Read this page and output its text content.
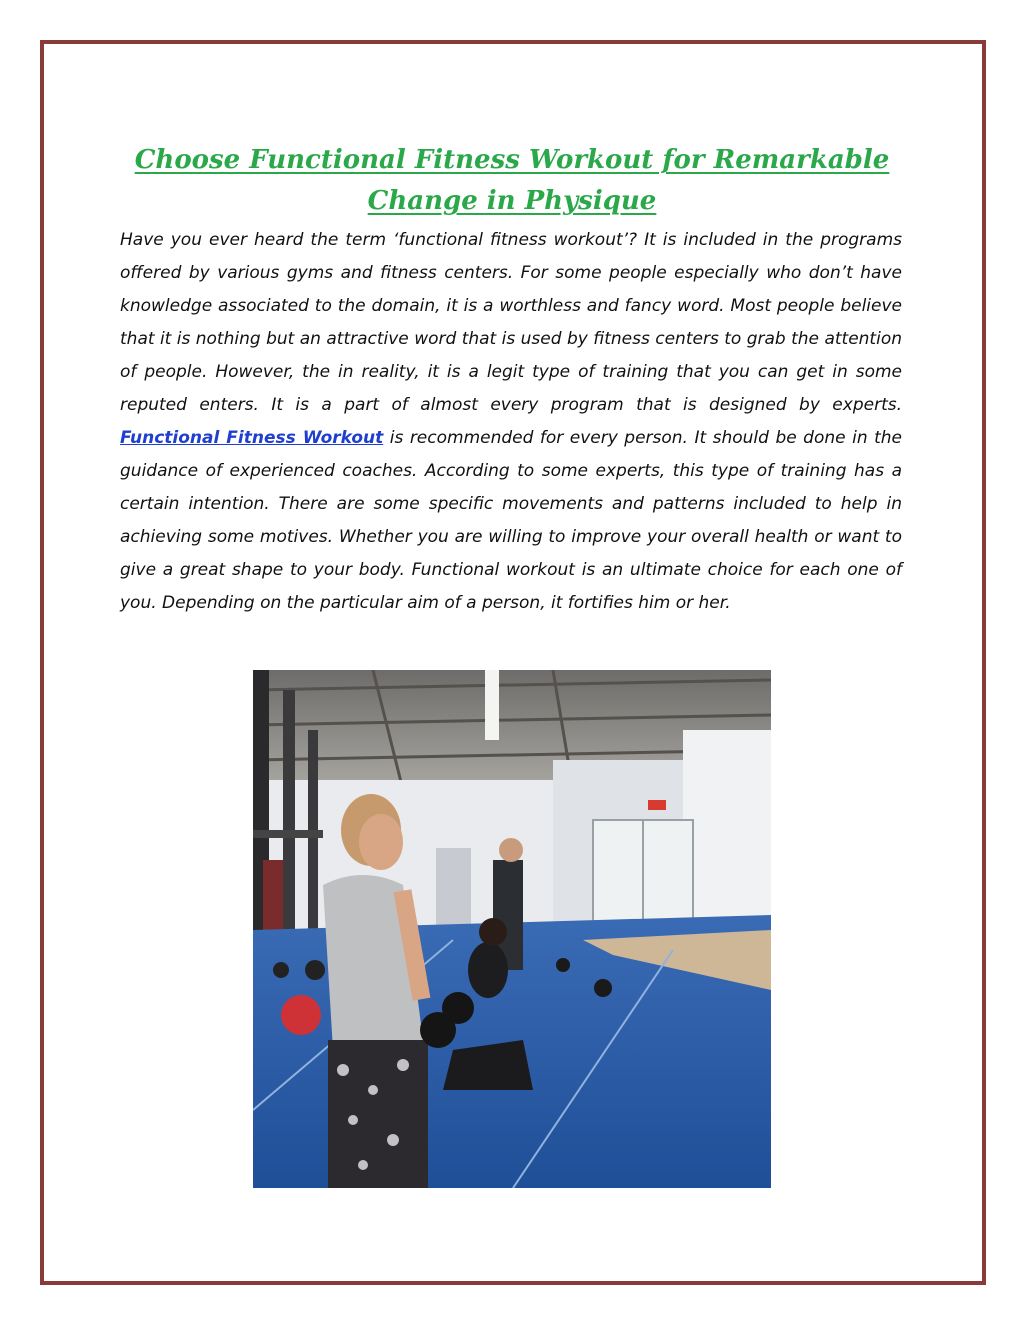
Choose Functional Fitness Workout for Remarkable
Change in Physique

Have you ever heard the term ‘functional fitness workout’? It is included in the programs offered by various gyms and fitness centers. For some people especially who don’t have knowledge associated to the domain, it is a worthless and fancy word. Most people believe that it is nothing but an attractive word that is used by fitness centers to grab the attention of people. However, the in reality, it is a legit type of training that you can get in some reputed enters. It is a part of almost every program that is designed by experts. Functional Fitness Workout is recommended for every person. It should be done in the guidance of experienced coaches. According to some experts, this type of training has a certain intention. There are some specific movements and patterns included to help in achieving some motives. Whether you are willing to improve your overall health or want to give a great shape to your body. Functional workout is an ultimate choice for each one of you. Depending on the particular aim of a person, it fortifies him or her.
